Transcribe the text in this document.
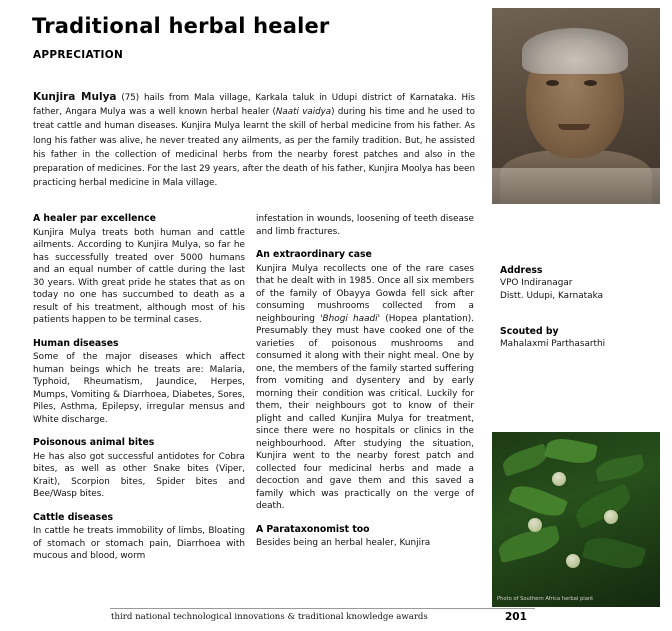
Traditional herbal healer
APPRECIATION
Kunjira Mulya (75) hails from Mala village, Karkala taluk in Udupi district of Karnataka. His father, Angara Mulya was a well known herbal healer (Naati vaidya) during his time and he used to treat cattle and human diseases. Kunjira Mulya learnt the skill of herbal medicine from his father. As long his father was alive, he never treated any ailments, as per the family tradition. But, he assisted his father in the collection of medicinal herbs from the nearby forest patches and also in the preparation of medicines. For the last 29 years, after the death of his father, Kunjira Moolya has been practicing herbal medicine in Mala village.
A healer par excellence

Kunjira Mulya treats both human and cattle ailments. According to Kunjira Mulya, so far he has successfully treated over 5000 humans and an equal number of cattle during the last 30 years. With great pride he states that as on today no one has succumbed to death as a result of his treatment, although most of his patients happen to be terminal cases.

Human diseases

Some of the major diseases which affect human beings which he treats are: Malaria, Typhoid, Rheumatism, Jaundice, Herpes, Mumps, Vomiting & Diarrhoea, Diabetes, Sores, Piles, Asthma, Epilepsy, irregular mensus and White discharge.

Poisonous animal bites

He has also got successful antidotes for Cobra bites, as well as other Snake bites (Viper, Krait), Scorpion bites, Spider bites and Bee/Wasp bites.

Cattle diseases

In cattle he treats immobility of limbs, Bloating of stomach or stomach pain, Diarrhoea with mucous and blood, worm

infestation in wounds, loosening of teeth disease and limb fractures.

An extraordinary case

Kunjira Mulya recollects one of the rare cases that he dealt with in 1985. Once all six members of the family of Obayya Gowda fell sick after consuming mushrooms collected from a neighbouring 'Bhogi haadi' (Hopea plantation). Presumably they must have cooked one of the varieties of poisonous mushrooms and consumed it along with their night meal. One by one, the members of the family started suffering from vomiting and dysentery and by early morning their condition was critical. Luckily for them, their neighbours got to know of their plight and called Kunjira Mulya for treatment, since there were no hospitals or clinics in the neighbourhood. After studying the situation, Kunjira went to the nearby forest patch and collected four medicinal herbs and made a decoction and gave them and this saved a family which was practically on the verge of death.

A Parataxonomist too

Besides being an herbal healer, Kunjira

Address
VPO Indiranagar
Distt. Udupi, Karnataka
Scouted by
Mahalaxmi Parthasarthi
Photo of Southern Africa herbal plant
third national technological innovations & traditional knowledge awards	201
